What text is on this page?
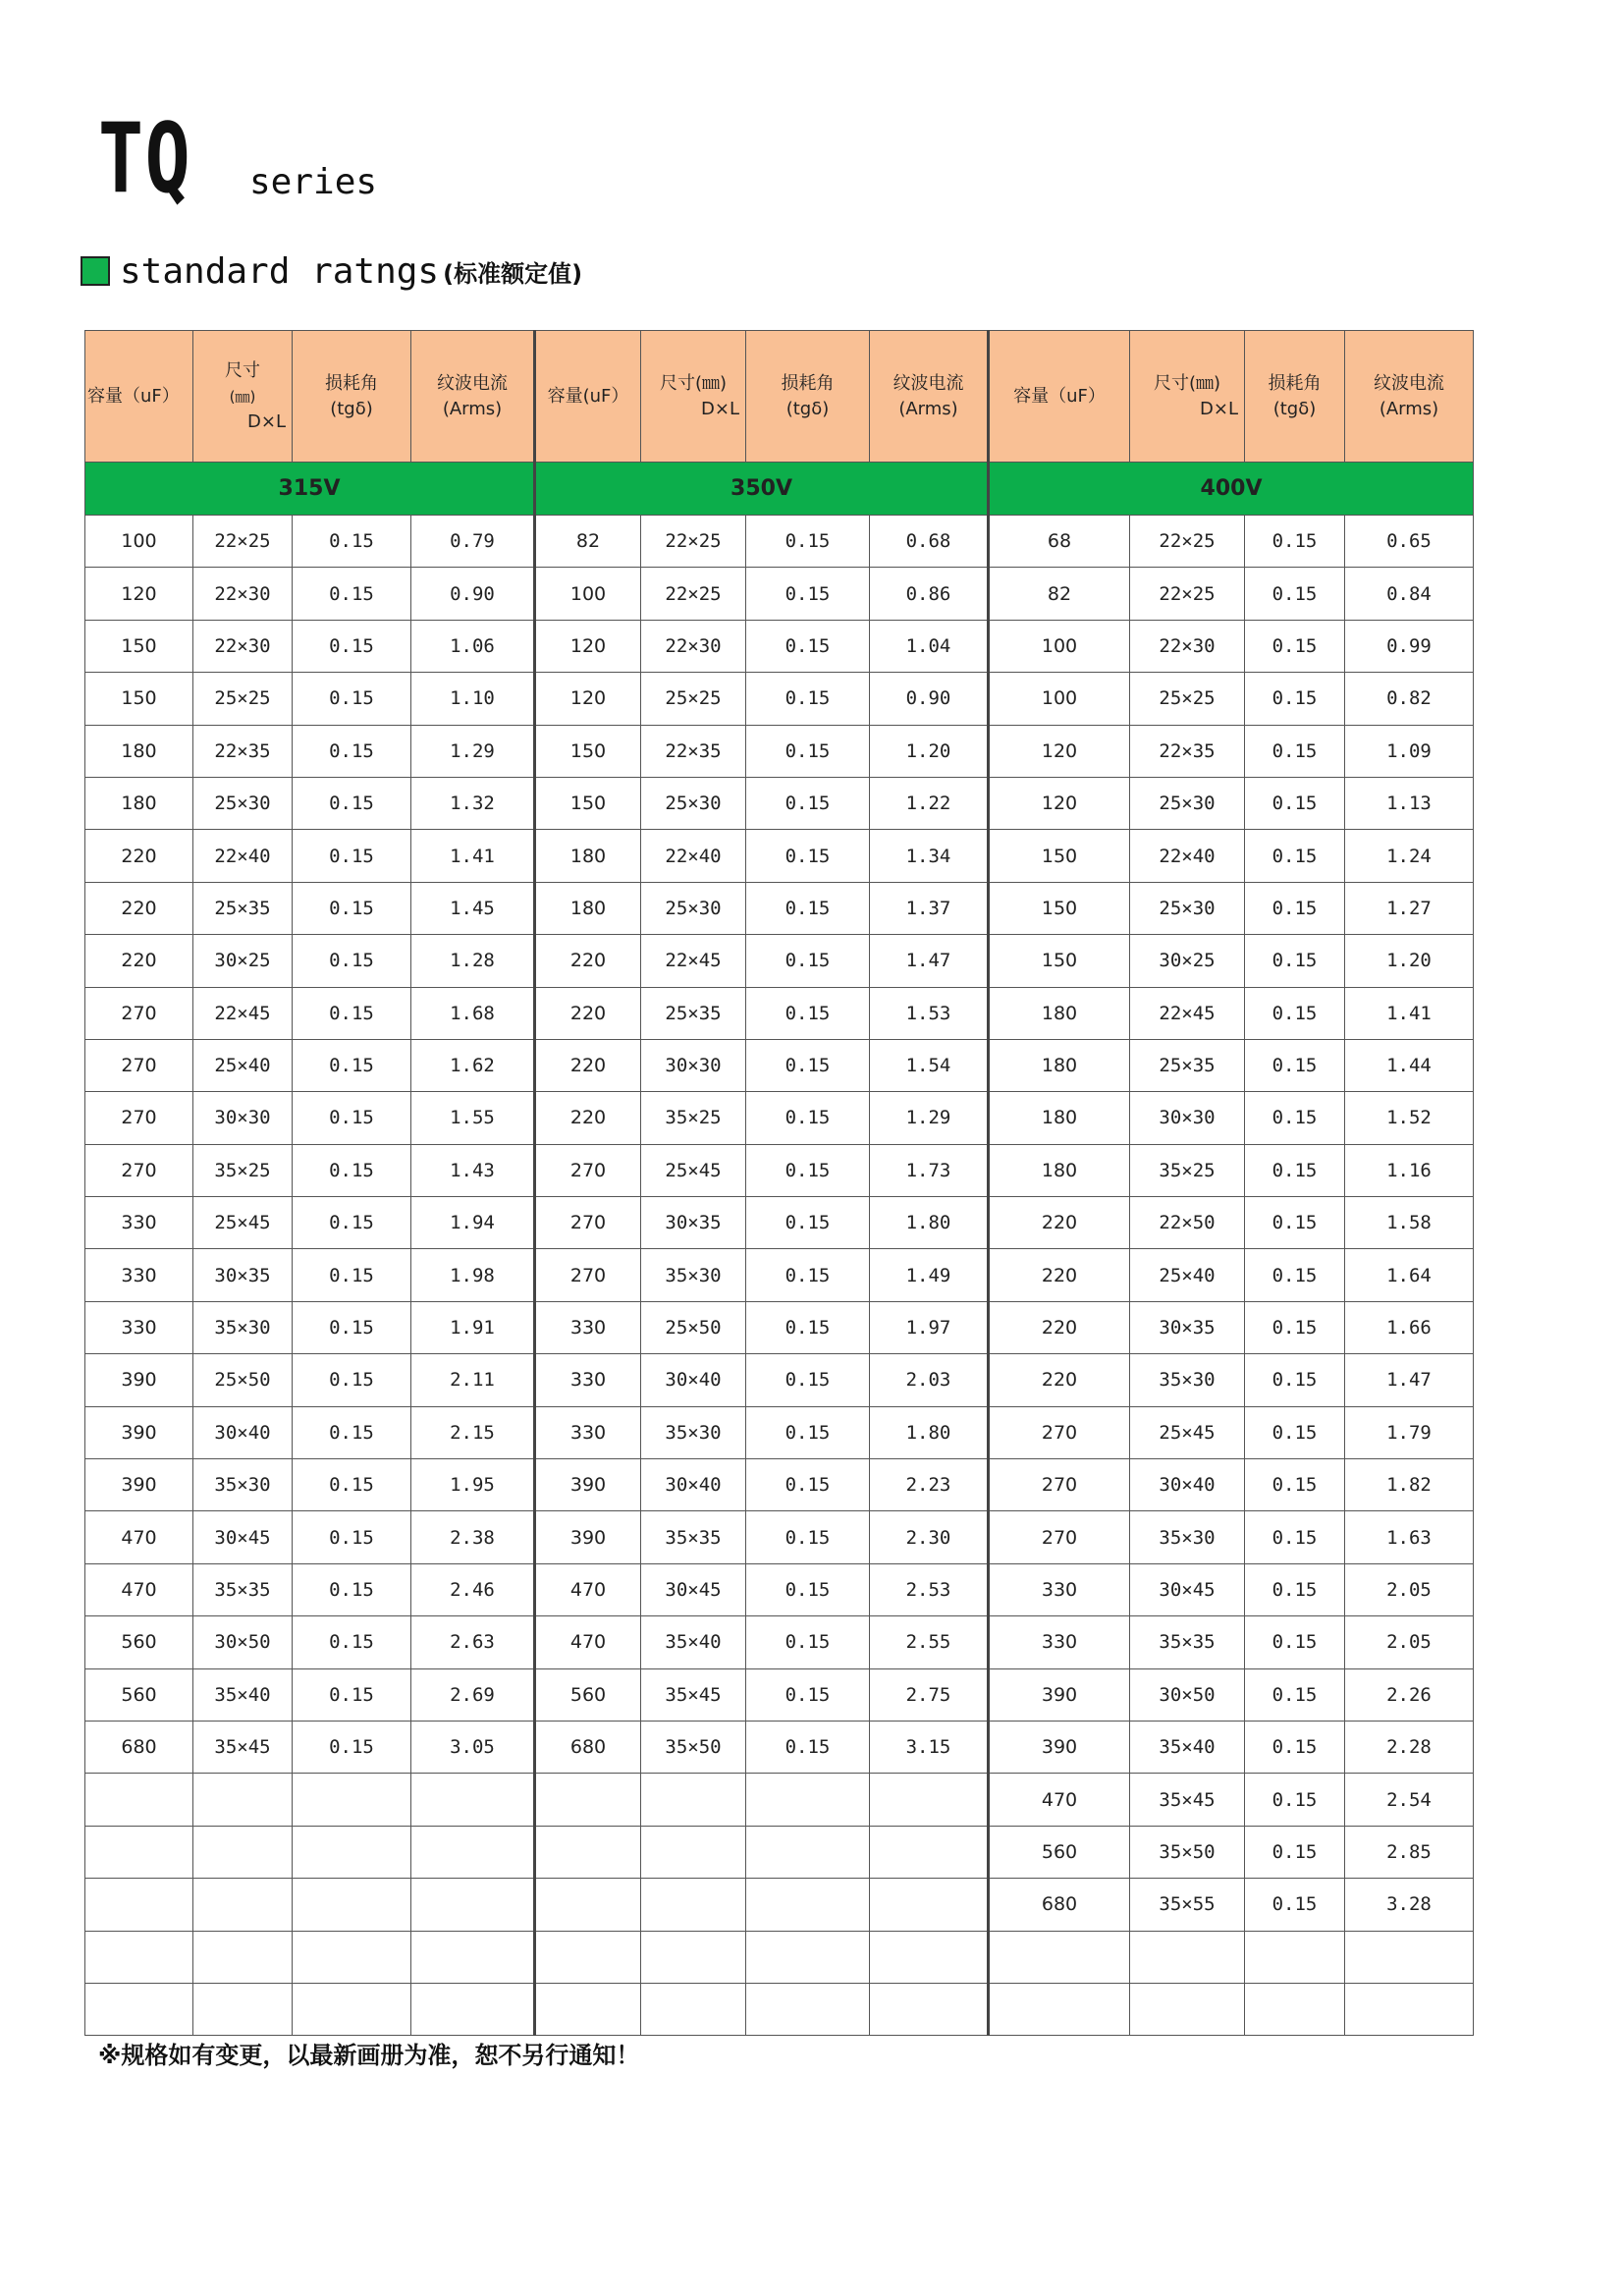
TQ series
standard ratngs (标准额定值)
容量（uF）	尺寸
(㎜)
D×L	损耗角
(tgδ)	纹波电流
(Arms)	容量(uF）	尺寸(㎜)
D×L	损耗角
(tgδ)	纹波电流
(Arms)	容量（uF）	尺寸(㎜)
D×L	损耗角
(tgδ)	纹波电流
(Arms)

315V				350V				400V			
100	22×25	0.15	0.79	82	22×25	0.15	0.68	68	22×25	0.15	0.65
120	22×30	0.15	0.90	100	22×25	0.15	0.86	82	22×25	0.15	0.84
150	22×30	0.15	1.06	120	22×30	0.15	1.04	100	22×30	0.15	0.99
150	25×25	0.15	1.10	120	25×25	0.15	0.90	100	25×25	0.15	0.82
180	22×35	0.15	1.29	150	22×35	0.15	1.20	120	22×35	0.15	1.09
180	25×30	0.15	1.32	150	25×30	0.15	1.22	120	25×30	0.15	1.13
220	22×40	0.15	1.41	180	22×40	0.15	1.34	150	22×40	0.15	1.24
220	25×35	0.15	1.45	180	25×30	0.15	1.37	150	25×30	0.15	1.27
220	30×25	0.15	1.28	220	22×45	0.15	1.47	150	30×25	0.15	1.20
270	22×45	0.15	1.68	220	25×35	0.15	1.53	180	22×45	0.15	1.41
270	25×40	0.15	1.62	220	30×30	0.15	1.54	180	25×35	0.15	1.44
270	30×30	0.15	1.55	220	35×25	0.15	1.29	180	30×30	0.15	1.52
270	35×25	0.15	1.43	270	25×45	0.15	1.73	180	35×25	0.15	1.16
330	25×45	0.15	1.94	270	30×35	0.15	1.80	220	22×50	0.15	1.58
330	30×35	0.15	1.98	270	35×30	0.15	1.49	220	25×40	0.15	1.64
330	35×30	0.15	1.91	330	25×50	0.15	1.97	220	30×35	0.15	1.66
390	25×50	0.15	2.11	330	30×40	0.15	2.03	220	35×30	0.15	1.47
390	30×40	0.15	2.15	330	35×30	0.15	1.80	270	25×45	0.15	1.79
390	35×30	0.15	1.95	390	30×40	0.15	2.23	270	30×40	0.15	1.82
470	30×45	0.15	2.38	390	35×35	0.15	2.30	270	35×30	0.15	1.63
470	35×35	0.15	2.46	470	30×45	0.15	2.53	330	30×45	0.15	2.05
560	30×50	0.15	2.63	470	35×40	0.15	2.55	330	35×35	0.15	2.05
560	35×40	0.15	2.69	560	35×45	0.15	2.75	390	30×50	0.15	2.26
680	35×45	0.15	3.05	680	35×50	0.15	3.15	390	35×40	0.15	2.28
								470	35×45	0.15	2.54
								560	35×50	0.15	2.85
								680	35×55	0.15	3.28

※规格如有变更，以最新画册为准，恕不另行通知！
